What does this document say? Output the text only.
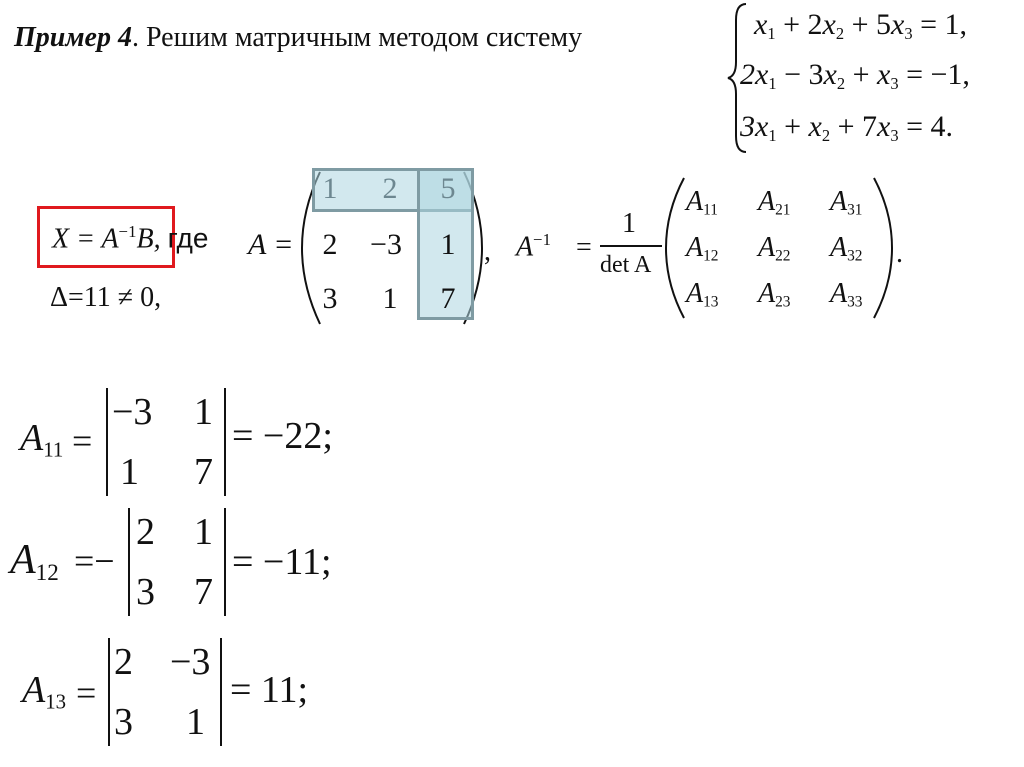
Пример 4. Решим матричным методом систему	$x_1 + 2x_2 + 5x_3 = 1$,
$2x_1 - 3x_2 + x_3 = -1$,
$3x_1 + x_2 + 7x_3 = 4$.
$X = A^{-1}B$, где
Δ=11 ≠ 0,
A =
1	2	5
2	−3	1
3	1	7
, $A^{-1}$ =
1
det A
$A_{11}$ $A_{21}$ $A_{31}$
$A_{12}$ $A_{22}$ $A_{32}$
$A_{13}$ $A_{23}$ $A_{33}$
.
$A_{11}$ =
−3 1
1 7
= −22;
$A_{12}$ =−
2 1
3 7
= −11;
$A_{13}$ =
2 −3
3 1
= 11;
